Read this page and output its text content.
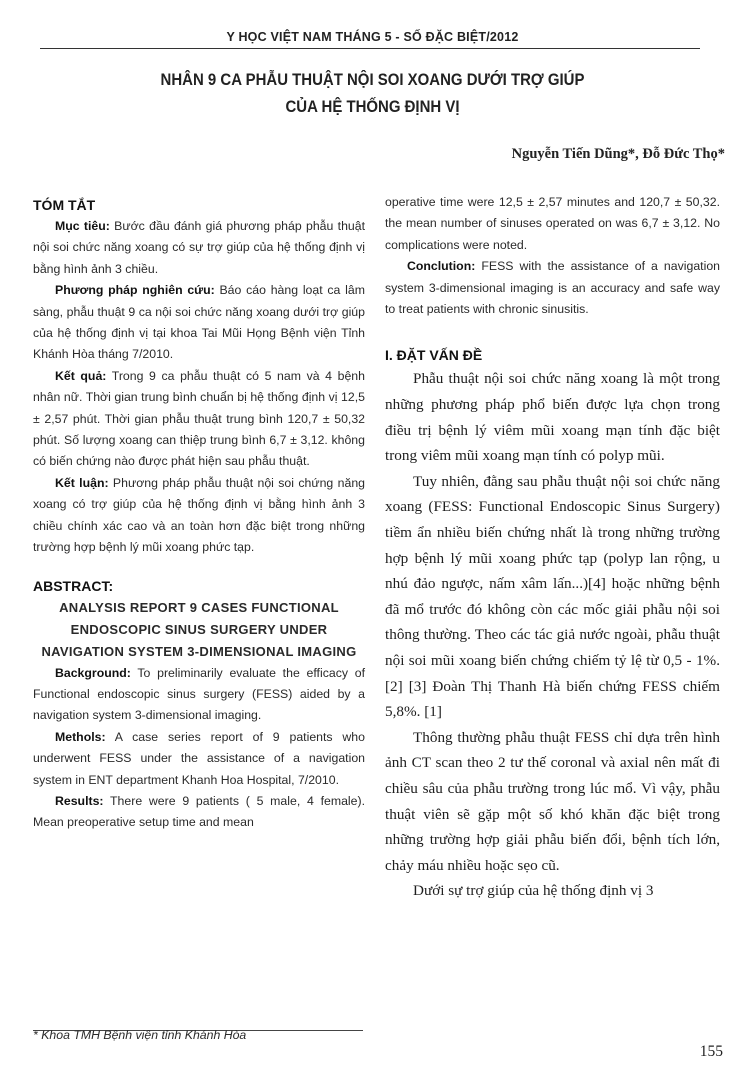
Y HỌC VIỆT NAM THÁNG 5 - SỐ ĐẶC BIỆT/2012
NHÂN 9 CA PHẪU THUẬT NỘI SOI XOANG DƯỚI TRỢ GIÚP
CỦA HỆ THỐNG ĐỊNH VỊ
Nguyễn Tiến Dũng*, Đỗ Đức Thọ*

TÓM TẮT

Mục tiêu: Bước đầu đánh giá phương pháp phẫu thuật nội soi chức năng xoang có sự trợ giúp của hệ thống định vị bằng hình ảnh 3 chiều.

Phương pháp nghiên cứu: Báo cáo hàng loạt ca lâm sàng, phẫu thuật 9 ca nội soi chức năng xoang dưới trợ giúp của hệ thống định vị tại khoa Tai Mũi Họng Bệnh viện Tỉnh Khánh Hòa tháng 7/2010.

Kết quả: Trong 9 ca phẫu thuật có 5 nam và 4 bệnh nhân nữ. Thời gian trung bình chuẩn bị hệ thống định vị 12,5 ± 2,57 phút. Thời gian phẫu thuật trung bình 120,7 ± 50,32 phút. Số lượng xoang can thiệp trung bình 6,7 ± 3,12. không có biến chứng nào được phát hiện sau phẫu thuật.

Kết luận: Phương pháp phẫu thuật nội soi chứng năng xoang có trợ giúp của hệ thống định vị bằng hình ảnh 3 chiều chính xác cao và an toàn hơn đặc biệt trong những trường hợp bệnh lý mũi xoang phức tạp.

ABSTRACT:

ANALYSIS REPORT 9 CASES FUNCTIONAL ENDOSCOPIC SINUS SURGERY UNDER NAVIGATION SYSTEM 3-DIMENSIONAL IMAGING

Background: To preliminarily evaluate the efficacy of Functional endoscopic sinus surgery (FESS) aided by a navigation system 3-dimensional imaging.

Methols: A case series report of 9 patients who underwent FESS under the assistance of a navigation system in ENT department Khanh Hoa Hospital, 7/2010.

Results: There were 9 patients ( 5 male, 4 female). Mean preoperative setup time and mean

operative time were 12,5 ± 2,57 minutes and 120,7 ± 50,32. the mean number of sinuses operated on was 6,7 ± 3,12. No complications were noted.

Conclution: FESS with the assistance of a navigation system 3-dimensional imaging is an accuracy and safe way to treat patients with chronic sinusitis.

I. ĐẶT VẤN ĐỀ

Phẫu thuật nội soi chức năng xoang là một trong những phương pháp phổ biến được lựa chọn trong điều trị bệnh lý viêm mũi xoang mạn tính đặc biệt trong viêm mũi xoang mạn tính có polyp mũi.

Tuy nhiên, đằng sau phẫu thuật nội soi chức năng xoang (FESS: Functional Endoscopic Sinus Surgery) tiềm ẩn nhiều biến chứng nhất là trong những trường hợp bệnh lý mũi xoang phức tạp (polyp lan rộng, u nhú đảo ngược, nấm xâm lấn...)[4] hoặc những bệnh đã mổ trước đó không còn các mốc giải phẫu nội soi thông thường. Theo các tác giả nước ngoài, phẫu thuật nội soi mũi xoang biến chứng chiếm tỷ lệ từ 0,5 - 1%. [2] [3] Đoàn Thị Thanh Hà biến chứng FESS chiếm 5,8%. [1]

Thông thường phẫu thuật FESS chỉ dựa trên hình ảnh CT scan theo 2 tư thế coronal và axial nên mất đi chiều sâu của phẫu trường trong lúc mổ. Vì vậy, phẫu thuật viên sẽ gặp một số khó khăn đặc biệt trong những trường hợp giải phẫu biến đổi, bệnh tích lớn, chảy máu nhiều hoặc sẹo cũ.

Dưới sự trợ giúp của hệ thống định vị 3

* Khoa TMH Bệnh viện tỉnh Khánh Hòa
155
